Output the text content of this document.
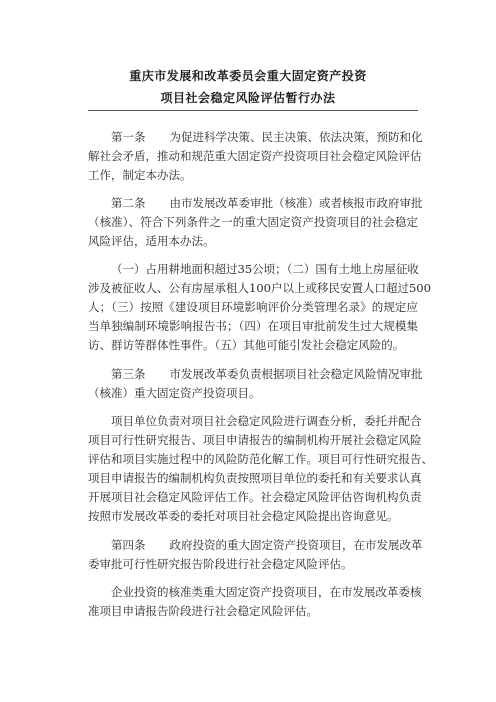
重庆市发展和改革委员会重大固定资产投资
项目社会稳定风险评估暂行办法
第一条 为促进科学决策、民主决策、依法决策，预防和化
解社会矛盾，推动和规范重大固定资产投资项目社会稳定风险评估
工作，制定本办法。
第二条 由市发展改革委审批（核准）或者核报市政府审批
（核准）、符合下列条件之一的重大固定资产投资项目的社会稳定
风险评估，适用本办法。
（一）占用耕地面积超过35公顷；（二）国有土地上房屋征收
涉及被征收人、公有房屋承租人100户以上或移民安置人口超过500
人；（三）按照《建设项目环境影响评价分类管理名录》的规定应
当单独编制环境影响报告书；（四）在项目审批前发生过大规模集
访、群访等群体性事件。（五）其他可能引发社会稳定风险的。
第三条 市发展改革委负责根据项目社会稳定风险情况审批
（核准）重大固定资产投资项目。
项目单位负责对项目社会稳定风险进行调查分析，委托并配合
项目可行性研究报告、项目申请报告的编制机构开展社会稳定风险
评估和项目实施过程中的风险防范化解工作。项目可行性研究报告、
项目申请报告的编制机构负责按照项目单位的委托和有关要求认真
开展项目社会稳定风险评估工作。社会稳定风险评估咨询机构负责
按照市发展改革委的委托对项目社会稳定风险提出咨询意见。
第四条 政府投资的重大固定资产投资项目，在市发展改革
委审批可行性研究报告阶段进行社会稳定风险评估。
企业投资的核准类重大固定资产投资项目，在市发展改革委核
准项目申请报告阶段进行社会稳定风险评估。
